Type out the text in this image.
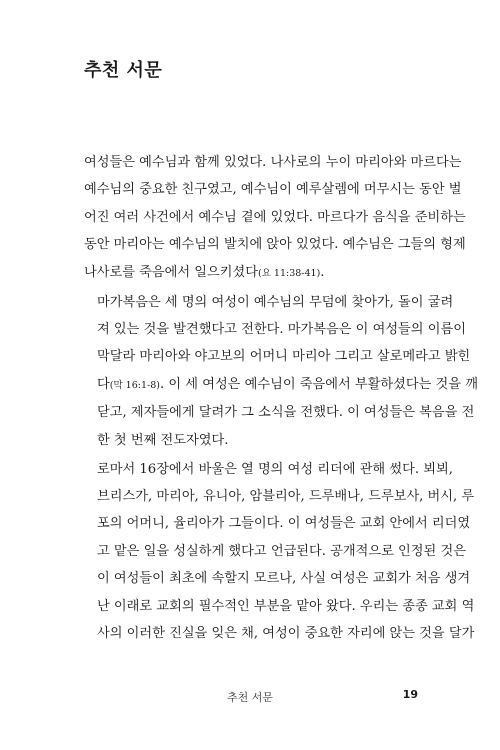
추천 서문
여성들은 예수님과 함께 있었다. 나사로의 누이 마리아와 마르다는
예수님의 중요한 친구였고, 예수님이 예루살렘에 머무시는 동안 벌
어진 여러 사건에서 예수님 곁에 있었다. 마르다가 음식을 준비하는
동안 마리아는 예수님의 발치에 앉아 있었다. 예수님은 그들의 형제
나사로를 죽음에서 일으키셨다(요 11:38-41).
마가복음은 세 명의 여성이 예수님의 무덤에 찾아가, 돌이 굴려
져 있는 것을 발견했다고 전한다. 마가복음은 이 여성들의 이름이
막달라 마리아와 야고보의 어머니 마리아 그리고 살로메라고 밝힌
다(막 16:1-8). 이 세 여성은 예수님이 죽음에서 부활하셨다는 것을 깨
닫고, 제자들에게 달려가 그 소식을 전했다. 이 여성들은 복음을 전
한 첫 번째 전도자였다.
로마서 16장에서 바울은 열 명의 여성 리더에 관해 썼다. 뵈뵈,
브리스가, 마리아, 유니아, 암블리아, 드루배나, 드루보사, 버시, 루
포의 어머니, 율리아가 그들이다. 이 여성들은 교회 안에서 리더였
고 맡은 일을 성실하게 했다고 언급된다. 공개적으로 인정된 것은
이 여성들이 최초에 속할지 모르나, 사실 여성은 교회가 처음 생겨
난 이래로 교회의 필수적인 부분을 맡아 왔다. 우리는 종종 교회 역
사의 이러한 진실을 잊은 채, 여성이 중요한 자리에 앉는 것을 달가
추천 서문	19
